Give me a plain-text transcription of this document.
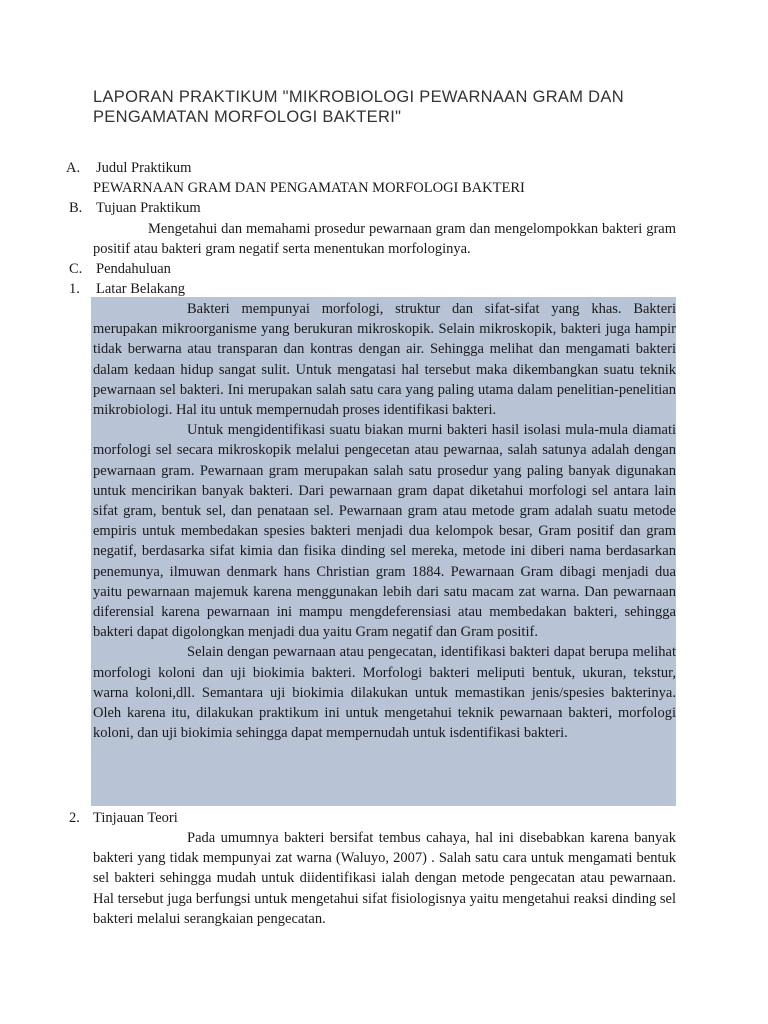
LAPORAN PRAKTIKUM "MIKROBIOLOGI PEWARNAAN GRAM DAN PENGAMATAN MORFOLOGI BAKTERI"
A. Judul Praktikum
PEWARNAAN GRAM DAN PENGAMATAN MORFOLOGI BAKTERI
B. Tujuan Praktikum
Mengetahui dan memahami prosedur pewarnaan gram dan mengelompokkan bakteri gram positif atau bakteri gram negatif serta menentukan morfologinya.
C. Pendahuluan
1. Latar Belakang

Bakteri mempunyai morfologi, struktur dan sifat-sifat yang khas. Bakteri merupakan mikroorganisme yang berukuran mikroskopik. Selain mikroskopik, bakteri juga hampir tidak berwarna atau transparan dan kontras dengan air. Sehingga melihat dan mengamati bakteri dalam kedaan hidup sangat sulit. Untuk mengatasi hal tersebut maka dikembangkan suatu teknik pewarnaan sel bakteri. Ini merupakan salah satu cara yang paling utama dalam penelitian-penelitian mikrobiologi. Hal itu untuk mempernudah proses identifikasi bakteri.

Untuk mengidentifikasi suatu biakan murni bakteri hasil isolasi mula-mula diamati morfologi sel secara mikroskopik melalui pengecetan atau pewarnaa, salah satunya adalah dengan pewarnaan gram. Pewarnaan gram merupakan salah satu prosedur yang paling banyak digunakan untuk mencirikan banyak bakteri. Dari pewarnaan gram dapat diketahui morfologi sel antara lain sifat gram, bentuk sel, dan penataan sel. Pewarnaan gram atau metode gram adalah suatu metode empiris untuk membedakan spesies bakteri menjadi dua kelompok besar, Gram positif dan gram negatif, berdasarka sifat kimia dan fisika dinding sel mereka, metode ini diberi nama berdasarkan penemunya, ilmuwan denmark hans Christian gram 1884. Pewarnaan Gram dibagi menjadi dua yaitu pewarnaan majemuk karena menggunakan lebih dari satu macam zat warna. Dan pewarnaan diferensial karena pewarnaan ini mampu mengdeferensiasi atau membedakan bakteri, sehingga bakteri dapat digolongkan menjadi dua yaitu Gram negatif dan Gram positif.

Selain dengan pewarnaan atau pengecatan, identifikasi bakteri dapat berupa melihat morfologi koloni dan uji biokimia bakteri. Morfologi bakteri meliputi bentuk, ukuran, tekstur, warna koloni,dll. Semantara uji biokimia dilakukan untuk memastikan jenis/spesies bakterinya. Oleh karena itu, dilakukan praktikum ini untuk mengetahui teknik pewarnaan bakteri, morfologi koloni, dan uji biokimia sehingga dapat mempernudah untuk isdentifikasi bakteri.

2. Tinjauan Teori

Pada umumnya bakteri bersifat tembus cahaya, hal ini disebabkan karena banyak bakteri yang tidak mempunyai zat warna (Waluyo, 2007) . Salah satu cara untuk mengamati bentuk sel bakteri sehingga mudah untuk diidentifikasi ialah dengan metode pengecatan atau pewarnaan. Hal tersebut juga berfungsi untuk mengetahui sifat fisiologisnya yaitu mengetahui reaksi dinding sel bakteri melalui serangkaian pengecatan.
